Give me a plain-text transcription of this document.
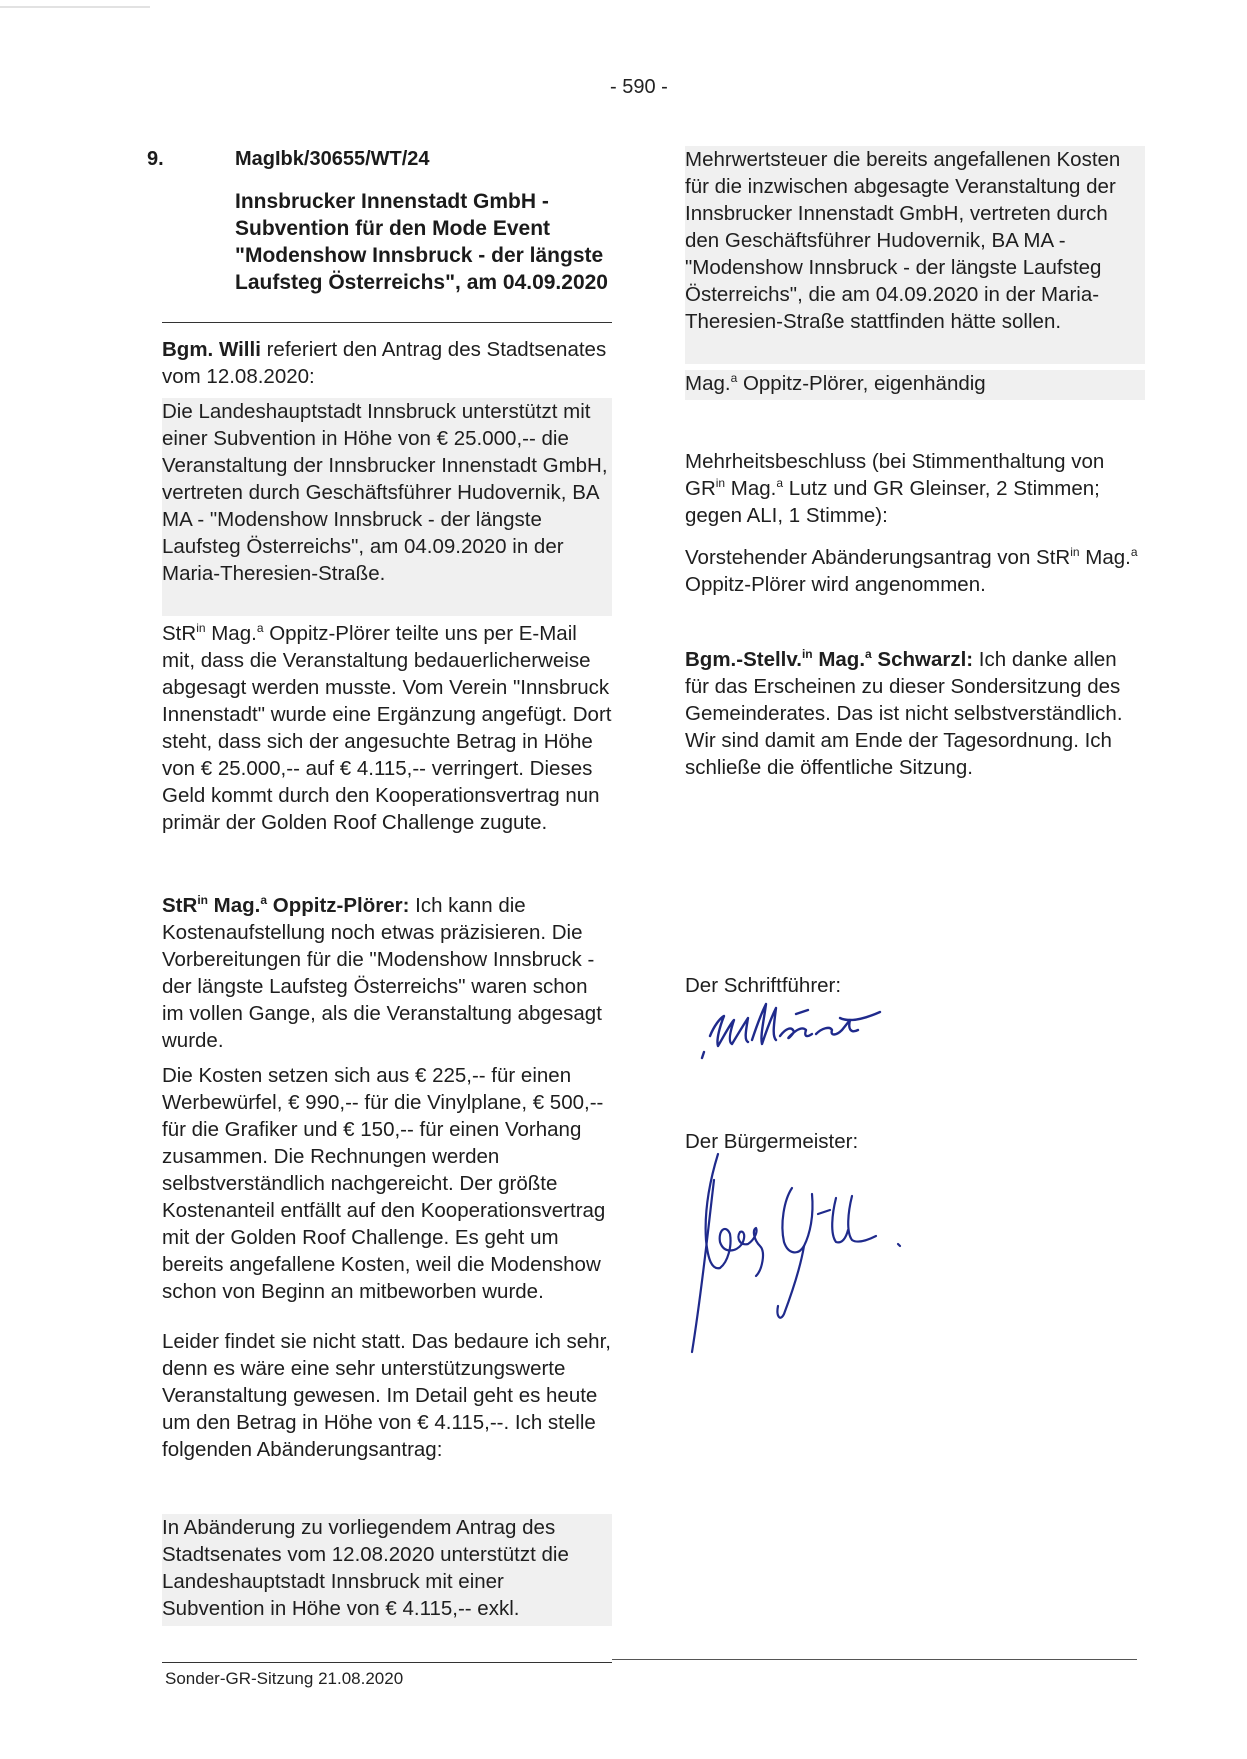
- 590 -
9.	MagIbk/30655/WT/24
Innsbrucker Innenstadt GmbH - Subvention für den Mode Event "Modenshow Innsbruck - der längste Laufsteg Österreichs", am 04.09.2020
Bgm. Willi referiert den Antrag des Stadtsenates vom 12.08.2020:
Die Landeshauptstadt Innsbruck unterstützt mit einer Subvention in Höhe von € 25.000,-- die Veranstaltung der Innsbrucker Innenstadt GmbH, vertreten durch Geschäftsführer Hudovernik, BA MA - "Modenshow Innsbruck - der längste Laufsteg Österreichs", am 04.09.2020 in der Maria-Theresien-Straße.
StR$^{in}$ Mag.$^a$ Oppitz-Plörer teilte uns per E-Mail mit, dass die Veranstaltung bedauerlicherweise abgesagt werden musste. Vom Verein "Innsbruck Innenstadt" wurde eine Ergänzung angefügt. Dort steht, dass sich der angesuchte Betrag in Höhe von € 25.000,-- auf € 4.115,-- verringert. Dieses Geld kommt durch den Kooperationsvertrag nun primär der Golden Roof Challenge zugute.
StR$^{in}$ Mag.$^a$ Oppitz-Plörer: Ich kann die Kostenaufstellung noch etwas präzisieren. Die Vorbereitungen für die "Modenshow Innsbruck - der längste Laufsteg Österreichs" waren schon im vollen Gange, als die Veranstaltung abgesagt wurde.
Die Kosten setzen sich aus € 225,-- für einen Werbewürfel, € 990,-- für die Vinylplane, € 500,-- für die Grafiker und € 150,-- für einen Vorhang zusammen. Die Rechnungen werden selbstverständlich nachgereicht. Der größte Kostenanteil entfällt auf den Kooperationsvertrag mit der Golden Roof Challenge. Es geht um bereits angefallene Kosten, weil die Modenshow schon von Beginn an mitbeworben wurde.
Leider findet sie nicht statt. Das bedaure ich sehr, denn es wäre eine sehr unterstützungswerte Veranstaltung gewesen. Im Detail geht es heute um den Betrag in Höhe von € 4.115,--. Ich stelle folgenden Abänderungsantrag:
In Abänderung zu vorliegendem Antrag des Stadtsenates vom 12.08.2020 unterstützt die Landeshauptstadt Innsbruck mit einer Subvention in Höhe von € 4.115,-- exkl.
Mehrwertsteuer die bereits angefallenen Kosten für die inzwischen abgesagte Veranstaltung der Innsbrucker Innenstadt GmbH, vertreten durch den Geschäftsführer Hudovernik, BA MA - "Modenshow Innsbruck - der längste Laufsteg Österreichs", die am 04.09.2020 in der Maria-Theresien-Straße stattfinden hätte sollen.
Mag.$^a$ Oppitz-Plörer, eigenhändig
Mehrheitsbeschluss (bei Stimmenthaltung von $GR^{in}$ Mag.$^a$ Lutz und GR Gleinser, 2 Stimmen; gegen ALI, 1 Stimme):
Vorstehender Abänderungsantrag von StR$^{in}$ Mag.$^a$ Oppitz-Plörer wird angenommen.
Bgm.-Stellv.$^{in}$ Mag.$^a$ Schwarzl: Ich danke allen für das Erscheinen zu dieser Sondersitzung des Gemeinderates. Das ist nicht selbstverständlich. Wir sind damit am Ende der Tagesordnung. Ich schließe die öffentliche Sitzung.
Der Schriftführer:
Der Bürgermeister:
Sonder-GR-Sitzung 21.08.2020
